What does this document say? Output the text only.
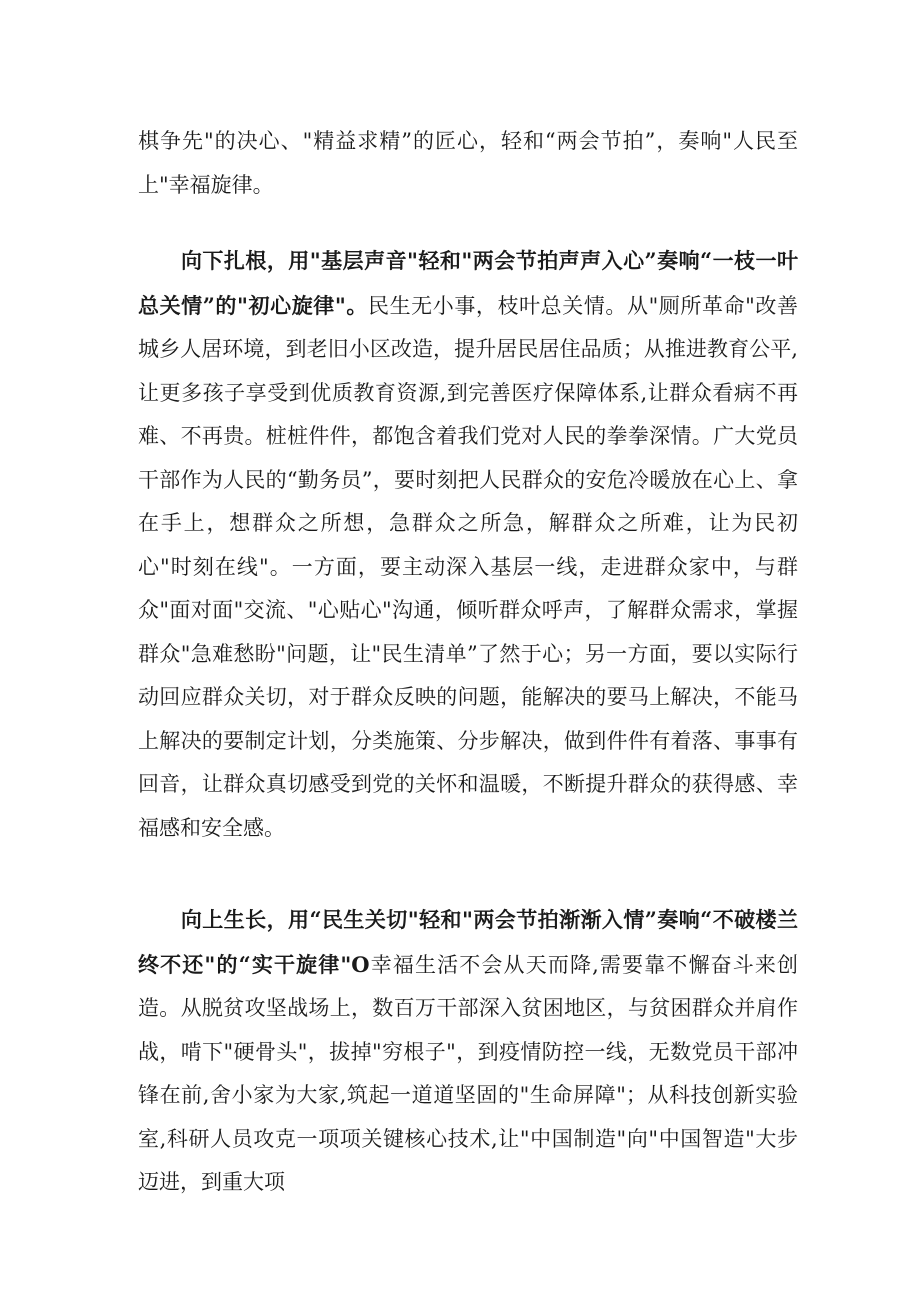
棋争先"的决心、"精益求精”的匠心，轻和“两会节拍”，奏响"人民至上"幸福旋律。

　　向下扎根，用"基层声音"轻和"两会节拍声声入心”奏响“一枝一叶总关情”的"初心旋律"。民生无小事，枝叶总关情。从"厕所革命"改善城乡人居环境，到老旧小区改造，提升居民居住品质；从推进教育公平,让更多孩子享受到优质教育资源,到完善医疗保障体系,让群众看病不再难、不再贵。桩桩件件，都饱含着我们党对人民的拳拳深情。广大党员干部作为人民的“勤务员”，要时刻把人民群众的安危冷暖放在心上、拿在手上，想群众之所想，急群众之所急，解群众之所难，让为民初心"时刻在线"。一方面，要主动深入基层一线，走进群众家中，与群众"面对面"交流、"心贴心"沟通，倾听群众呼声，了解群众需求，掌握群众"急难愁盼"问题，让"民生清单”了然于心；另一方面，要以实际行动回应群众关切，对于群众反映的问题，能解决的要马上解决，不能马上解决的要制定计划，分类施策、分步解决，做到件件有着落、事事有回音，让群众真切感受到党的关怀和温暖，不断提升群众的获得感、幸福感和安全感。

　　向上生长，用“民生关切"轻和"两会节拍渐渐入情”奏响“不破楼兰终不还"的“实干旋律"O幸福生活不会从天而降,需要靠不懈奋斗来创造。从脱贫攻坚战场上，数百万干部深入贫困地区，与贫困群众并肩作战，啃下"硬骨头"，拔掉"穷根子"，到疫情防控一线，无数党员干部冲锋在前,舍小家为大家,筑起一道道坚固的"生命屏障"；从科技创新实验室,科研人员攻克一项项关键核心技术,让"中国制造"向"中国智造"大步迈进，到重大项
